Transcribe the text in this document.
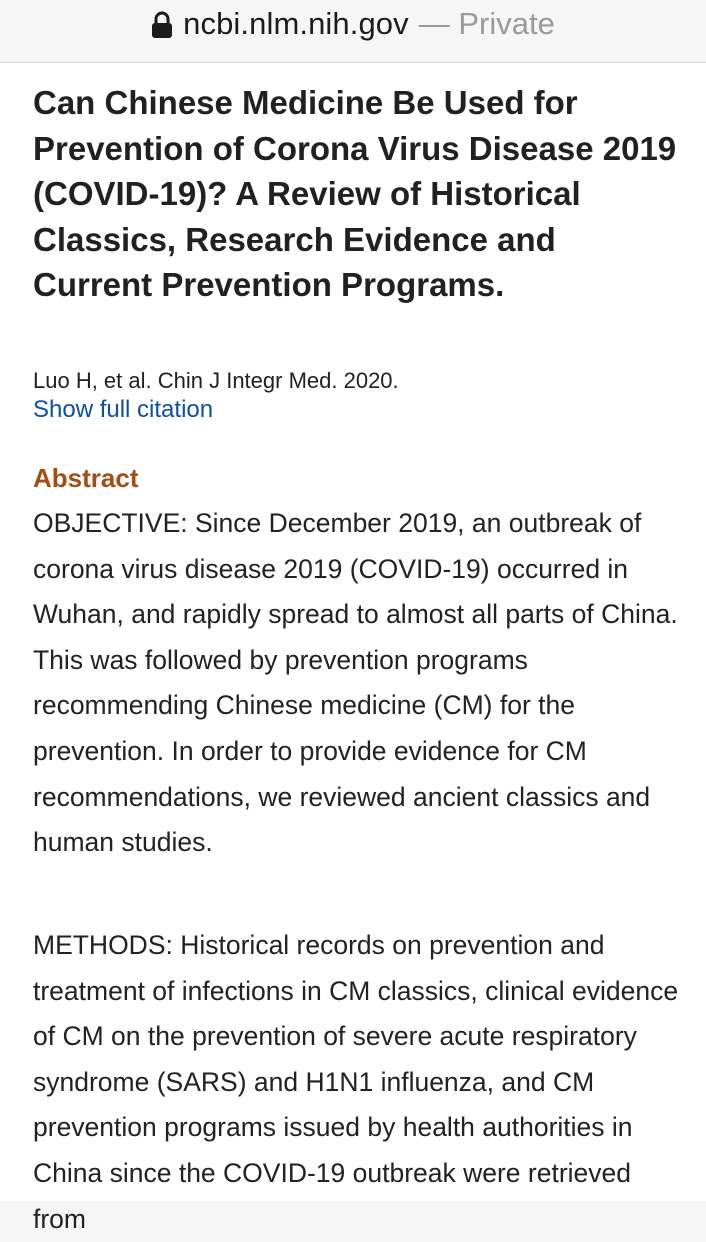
ncbi.nlm.nih.gov — Private
Can Chinese Medicine Be Used for Prevention of Corona Virus Disease 2019 (COVID-19)? A Review of Historical Classics, Research Evidence and Current Prevention Programs.
Luo H, et al. Chin J Integr Med. 2020.
Show full citation
Abstract

OBJECTIVE: Since December 2019, an outbreak of corona virus disease 2019 (COVID-19) occurred in Wuhan, and rapidly spread to almost all parts of China. This was followed by prevention programs recommending Chinese medicine (CM) for the prevention. In order to provide evidence for CM recommendations, we reviewed ancient classics and human studies.

METHODS: Historical records on prevention and treatment of infections in CM classics, clinical evidence of CM on the prevention of severe acute respiratory syndrome (SARS) and H1N1 influenza, and CM prevention programs issued by health authorities in China since the COVID-19 outbreak were retrieved from
